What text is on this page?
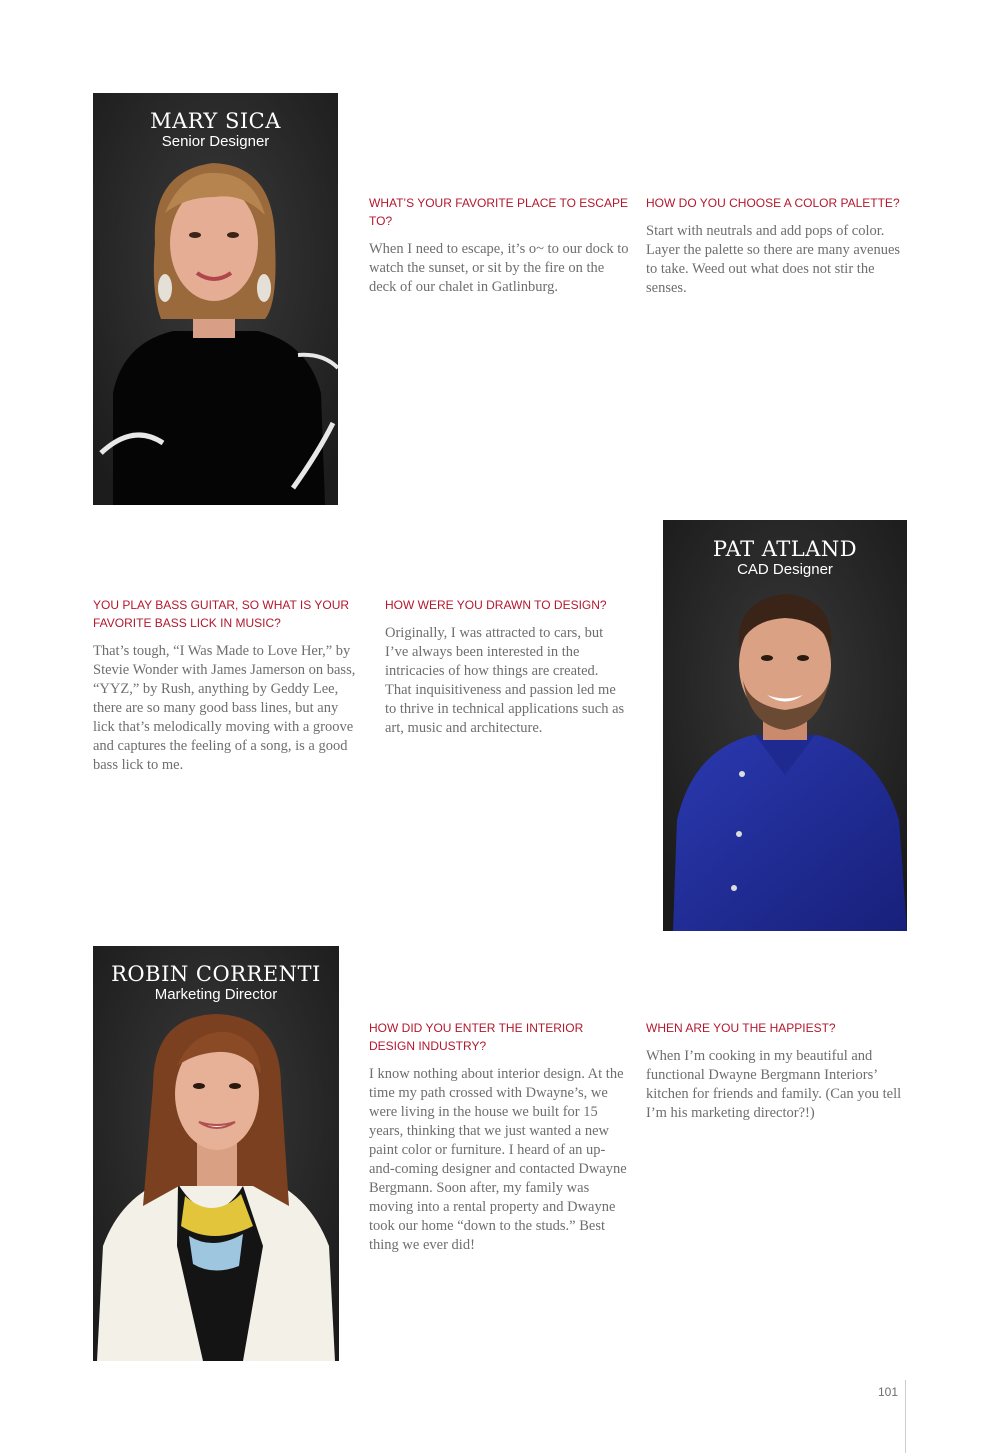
MARY SICA
Senior Designer

WHAT’S YOUR FAVORITE PLACE TO ESCAPE TO?

When I need to escape, it’s o~ to our dock to watch the sunset, or sit by the fire on the deck of our chalet in Gatlinburg.

HOW DO YOU CHOOSE A COLOR PALETTE?

Start with neutrals and add pops of color. Layer the palette so there are many avenues to take. Weed out what does not stir the senses.

YOU PLAY BASS GUITAR, SO WHAT IS YOUR FAVORITE BASS LICK IN MUSIC?

That’s tough, “I Was Made to Love Her,” by Stevie Wonder with James Jamerson on bass, “YYZ,” by Rush, anything by Geddy Lee, there are so many good bass lines, but any lick that’s melodically moving with a groove and captures the feeling of a song, is a good bass lick to me.

HOW WERE YOU DRAWN TO DESIGN?

Originally, I was attracted to cars, but I’ve always been interested in the intricacies of how things are created. That inquisitiveness and passion led me to thrive in technical applications such as art, music and architecture.

PAT ATLAND
CAD Designer
ROBIN CORRENTI
Marketing Director

HOW DID YOU ENTER THE INTERIOR DESIGN INDUSTRY?

I know nothing about interior design. At the time my path crossed with Dwayne’s, we were living in the house we built for 15 years, thinking that we just wanted a new paint color or furniture. I heard of an up-and-coming designer and contacted Dwayne Bergmann. Soon after, my family was moving into a rental property and Dwayne took our home “down to the studs.” Best thing we ever did!

WHEN ARE YOU THE HAPPIEST?

When I’m cooking in my beautiful and functional Dwayne Bergmann Interiors’ kitchen for friends and family. (Can you tell I’m his marketing director?!)

101
